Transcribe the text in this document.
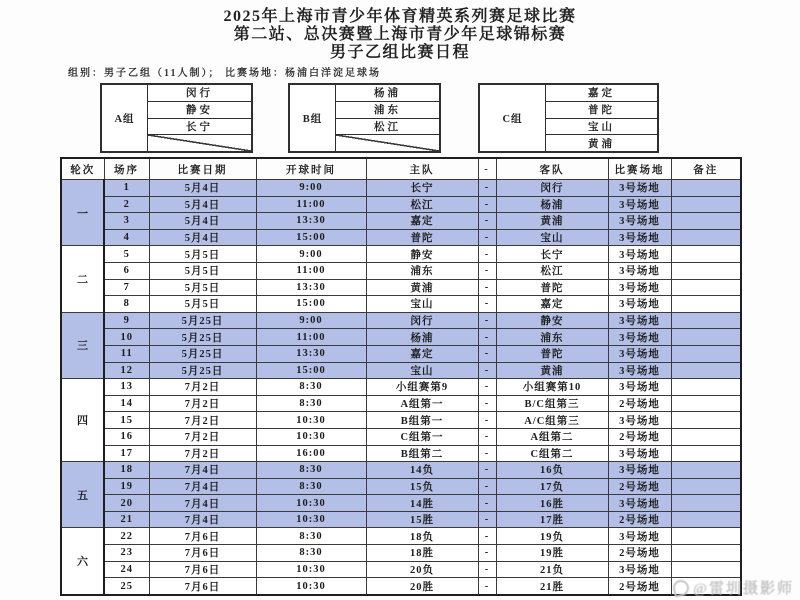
2025年上海市青少年体育精英系列赛足球比赛
第二站、总决赛暨上海市青少年足球锦标赛
男子乙组比赛日程
组别：男子乙组（11人制）； 比赛场地：杨浦白洋淀足球场
A组
闵行
静安
长宁
B组
杨浦
浦东
松江
C组
嘉定
普陀
宝山
黄浦
轮次	场序	比赛日期	开球时间	主队	-	客队	比赛场地	备注
一	1	5月4日	9:00	长宁	-	闵行	3号场地	
	2	5月4日	11:00	松江	-	杨浦	3号场地	
	3	5月4日	13:30	嘉定	-	黄浦	3号场地	
	4	5月4日	15:00	普陀	-	宝山	3号场地	
二	5	5月5日	9:00	静安	-	长宁	3号场地	
	6	5月5日	11:00	浦东	-	松江	3号场地	
	7	5月5日	13:30	黄浦	-	普陀	3号场地	
	8	5月5日	15:00	宝山	-	嘉定	3号场地	
三	9	5月25日	9:00	闵行	-	静安	3号场地	
	10	5月25日	11:00	杨浦	-	浦东	3号场地	
	11	5月25日	13:30	嘉定	-	普陀	3号场地	
	12	5月25日	15:00	宝山	-	黄浦	3号场地	
四	13	7月2日	8:30	小组赛第9	-	小组赛第10	3号场地	
	14	7月2日	8:30	A组第一	-	B/C组第三	2号场地	
	15	7月2日	10:30	B组第一	-	A/C组第三	3号场地	
	16	7月2日	10:30	C组第一	-	A组第二	2号场地	
	17	7月2日	16:00	B组第二	-	C组第二	3号场地	
五	18	7月4日	8:30	14负	-	16负	3号场地	
	19	7月4日	8:30	15负	-	17负	2号场地	
	20	7月4日	10:30	14胜	-	16胜	3号场地	
	21	7月4日	10:30	15胜	-	17胜	2号场地	
六	22	7月6日	8:30	18负	-	19负	3号场地	
	23	7月6日	8:30	18胜	-	19胜	2号场地	
	24	7月6日	10:30	20负	-	21负	3号场地	
	25	7月6日	10:30	20胜	-	21胜	2号场地	@雷圳摄影师
